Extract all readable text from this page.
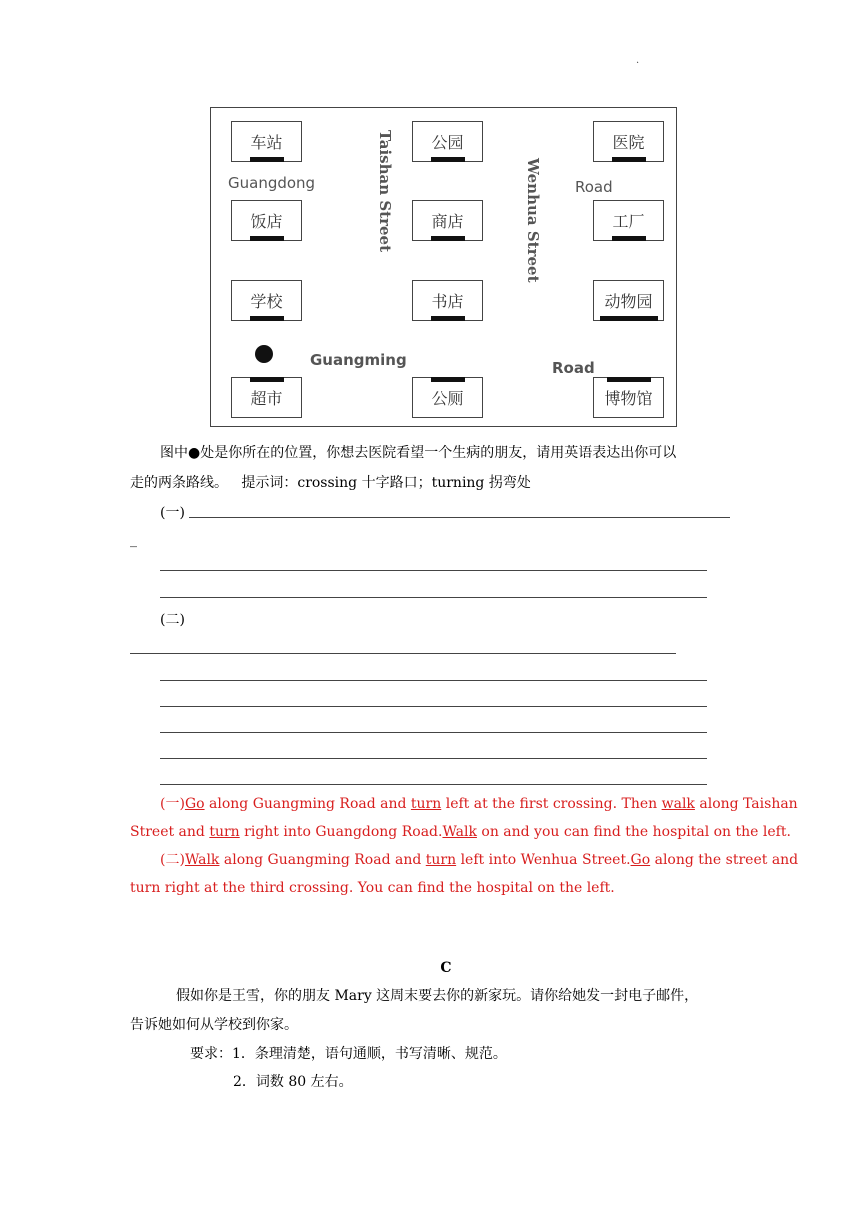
·
车站	公园	医院
饭店	商店	工厂
学校	书店	动物园
超市	公厕	博物馆
Guangdong	Road
Guangming	Road
Taishan Street	Wenhua Street
图中●处是你所在的位置，你想去医院看望一个生病的朋友，请用英语表达出你可以
走的两条路线。   提示词：crossing 十字路口；turning 拐弯处
(一)
_
(二)
(一)Go along Guangming Road and turn left at the first crossing. Then walk along Taishan
Street and turn right into Guangdong Road.Walk on and you can find the hospital on the left.
(二)Walk along Guangming Road and turn left into Wenhua Street.Go along the street and
turn right at the third crossing. You can find the hospital on the left.
C
假如你是王雪，你的朋友 Mary 这周末要去你的新家玩。请你给她发一封电子邮件，
告诉她如何从学校到你家。
要求：1．条理清楚，语句通顺，书写清晰、规范。
2．词数 80 左右。
